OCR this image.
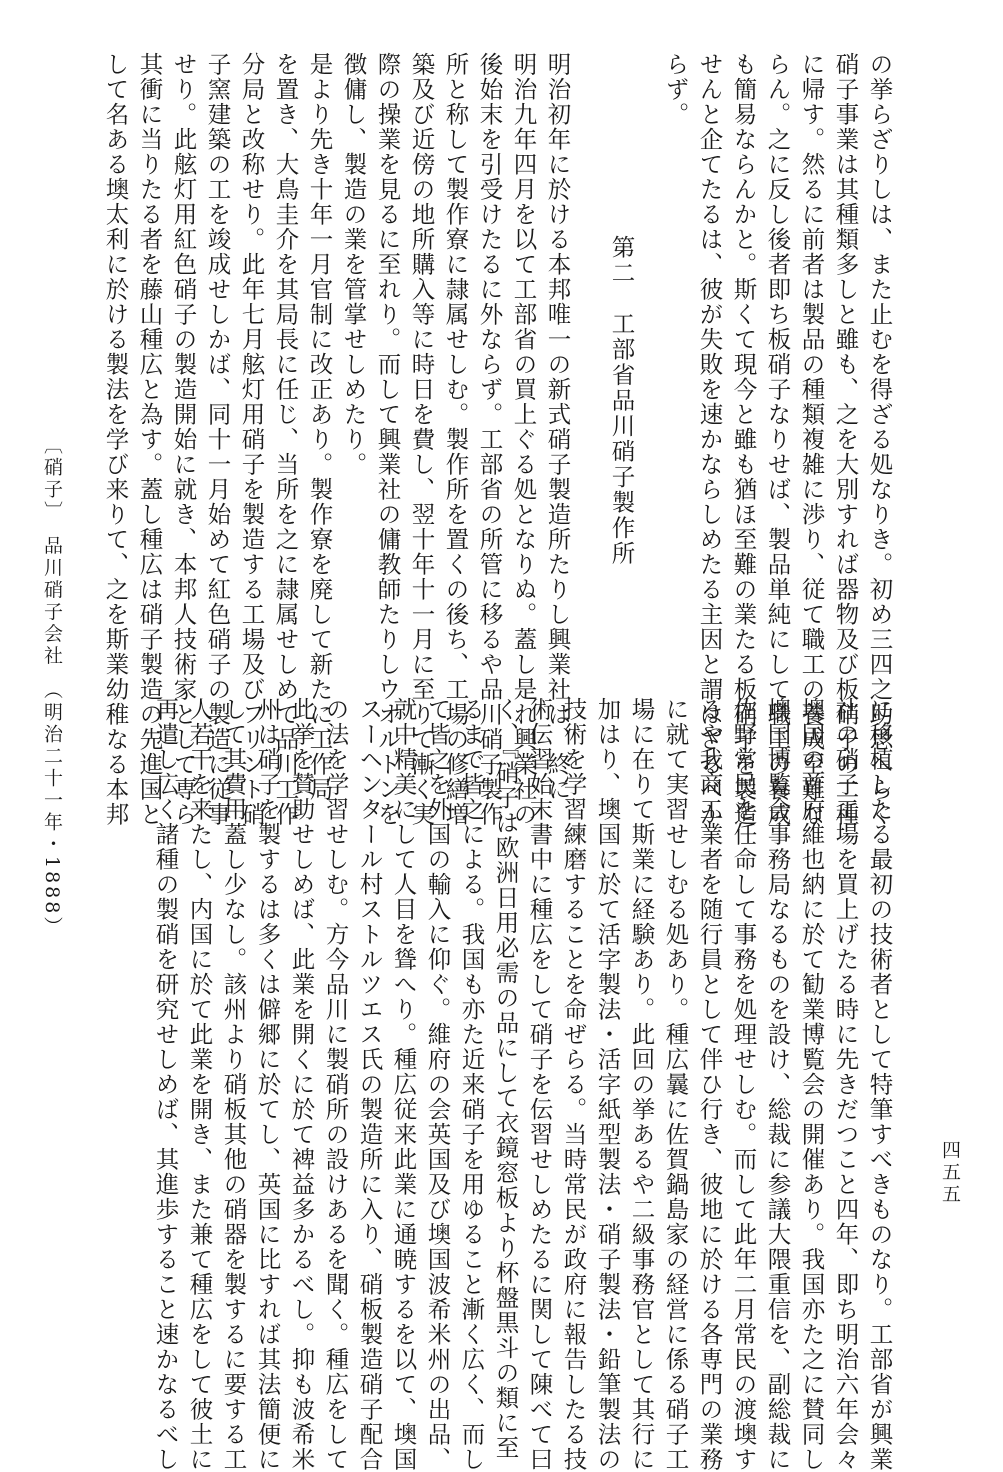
の挙らざりしは、また止むを得ざる処なりき。初め三四之助思へらく
硝子事業は其種類多しと雖も、之を大別すれば器物及び板硝子の二種
に帰す。然るに前者は製品の種類複雑に渉り、従て職工の養成至難な
らん。之に反し後者即ち板硝子なりせば、製品単純にして職工の養成
も簡易ならんかと。斯くて現今と雖も猶ほ至難の業たる板硝子を製造
せんと企てたるは、彼が失敗を速かならしめたる主因と謂はざるべか
らず。
第二　工部省品川硝子製作所
明治初年に於ける本邦唯一の新式硝子製造所たりし興業社は、終に
明治九年四月を以て工部省の買上ぐる処となりぬ。蓋し是れ興業社の
後始末を引受けたるに外ならず。工部省の所管に移るや品川硝子製作
所と称して製作寮に隷属せしむ。製作所を置くの後ち、工場の修繕増
築及び近傍の地所購入等に時日を費し、翌十年十一月に至りて漸く実
際の操業を見るに至れり。而して興業社の傭教師たりしウオルトンを
徴傭し、製造の業を管掌せしめたり。
是より先き十年一月官制に改正あり。製作寮を廃して新たに工作局
を置き、大鳥圭介を其局長に任じ、当所を之に隷属せしめて品川工作
分局と改称せり。此年七月舷灯用硝子を製造する工場及びフリント硝
子窯建築の工を竣成せしかば、同十一月始めて紅色硝子の製造に従事
せり。此舷灯用紅色硝子の製造開始に就き、本邦人技術家として専ら
其衝に当りたる者を藤山種広と為す。蓋し種広は硝子製造の先進国と
して名ある墺太利に於ける製法を学び来りて、之を斯業幼稚なる本邦
〔硝子〕　品川硝子会社　（明治二十一年・1888）
に移植したる最初の技術者として特筆すべきものなり。工部省が興業
社の硝子工場を買上げたる時に先きだつこと四年、即ち明治六年会々
墺国の首府維也納に於て勧業博覧会の開催あり。我国亦た之に賛同し
墺国博覧会事務局なるものを設け、総裁に参議大隈重信を、副総裁に
佐野常民を任命して事務を処理せしむ。而して此年二月常民の渡墺す
るや我商工業者を随行員として伴ひ行き、彼地に於ける各専門の業務
に就て実習せしむる処あり。種広曩に佐賀鍋島家の経営に係る硝子工
場に在りて斯業に経験あり。此回の挙あるや二級事務官として其行に
加はり、墺国に於て活字製法・活字紙型製法・硝子製法・鉛筆製法の
技術を学習練磨することを命ぜらる。当時常民が政府に報告したる技
術伝習始末書中に種広をして硝子を伝習せしめたるに関して陳べて曰
く、『硝子は欧洲日用必需の品にして衣鏡窓板より杯盤黒斗の類に至
るまで皆之による。我国も亦た近来硝子を用ゆること漸く広く、而し
て皆之を外国の輸入に仰ぐ。維府の会英国及び墺国波希米州の出品、
就中精美にして人目を聳へり。種広従来此業に通暁するを以て、墺国
スーヘンタール村ストルツエス氏の製造所に入り、硝板製造硝子配合
の法を学習せしむ。方今品川に製硝所の設けあるを聞く。種広をして
此挙を賛助せしめば、此業を開くに於て裨益多かるべし。抑も波希米
州は硝子を製するは多くは僻郷に於てし、英国に比すれば其法簡便に
して其費用蓋し少なし。該州より硝板其他の硝器を製するに要する工
人若干を来たし、内国に於て此業を開き、また兼て種広をして彼土に
再遣し広く諸種の製硝を研究せしめば、其進歩すること速かなるべし	四五五
